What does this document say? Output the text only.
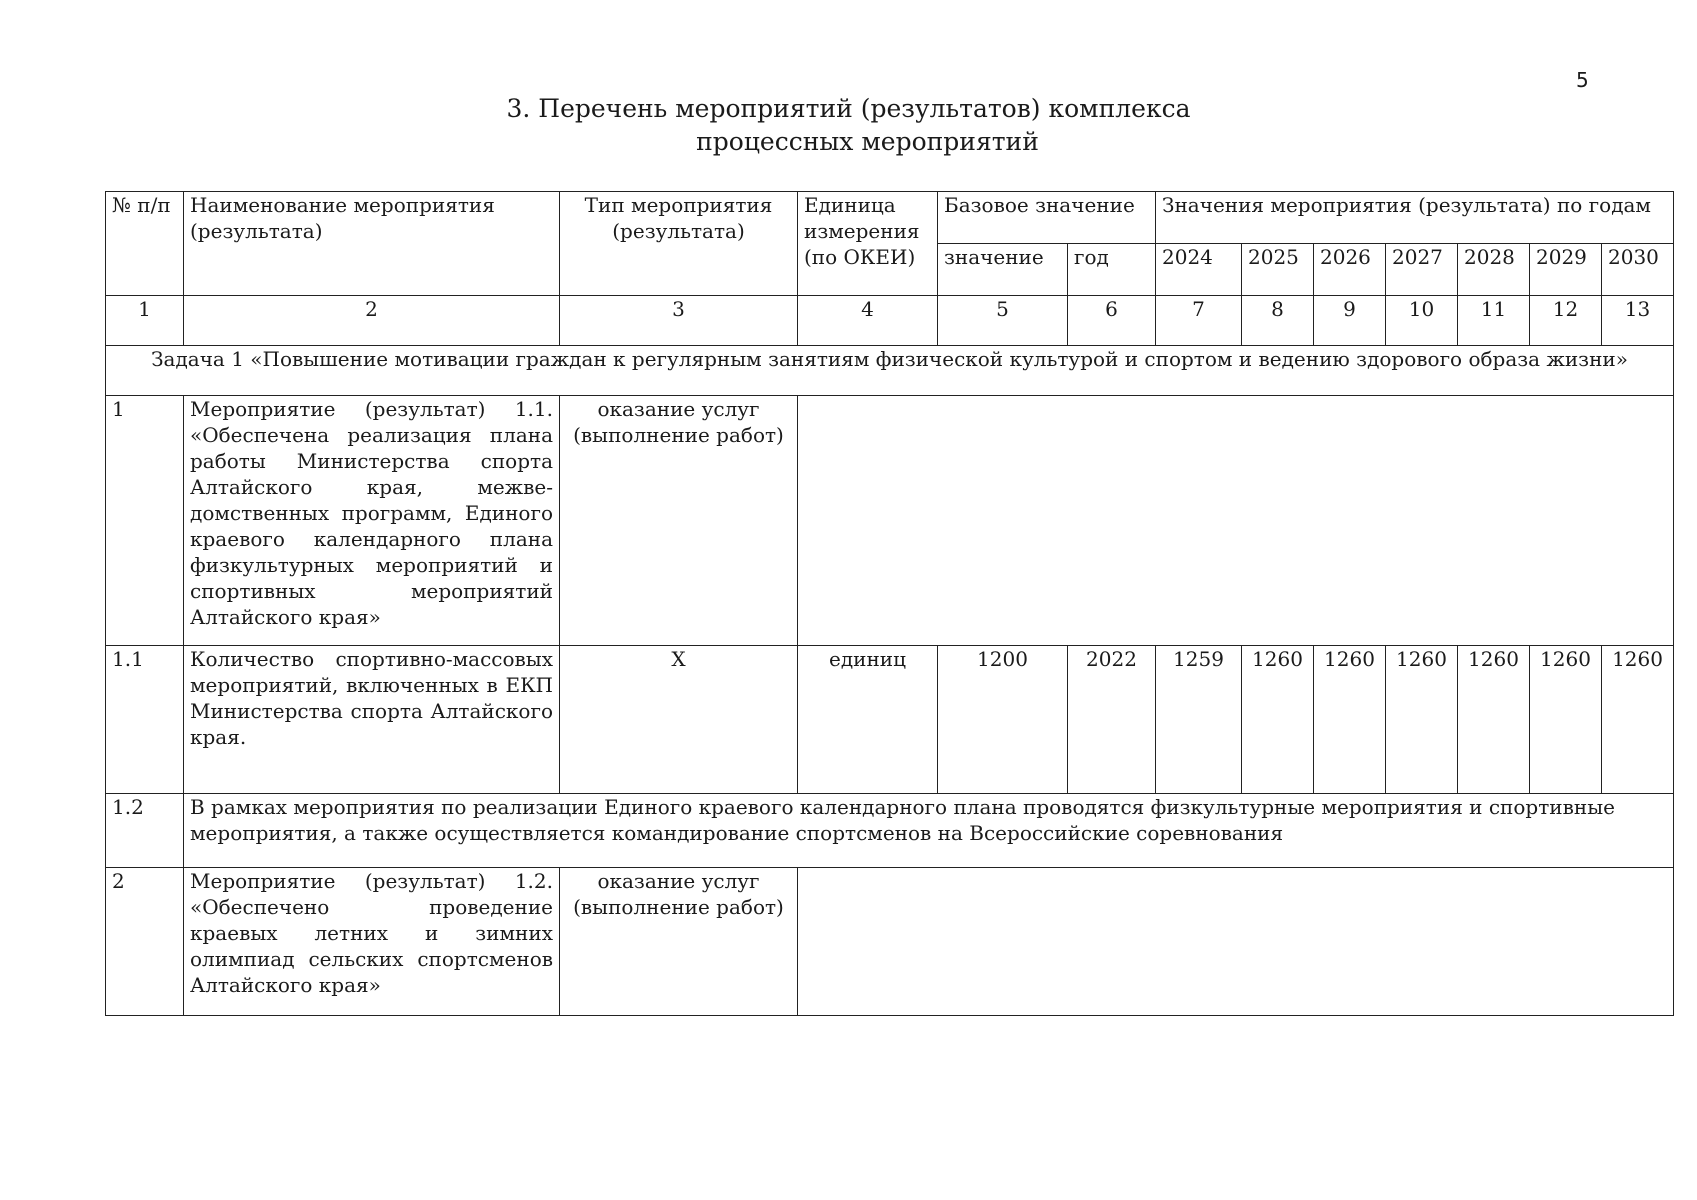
5
3. Перечень мероприятий (результатов) комплекса
процессных мероприятий
№ п/п	Наименование мероприятия (результата)	Тип мероприятия (результата)	Единица измерения (по ОКЕИ)	Базовое значение		Значения мероприятия (результата) по годам						
				значение	год	2024	2025	2026	2027	2028	2029	2030
1	2	3	4	5	6	7	8	9	10	11	12	13
Задача 1 «Повышение мотивации граждан к регулярным занятиям физической культурой и спортом и ведению здорового образа жизни»												
1	Мероприятие (результат) 1.1. «Обеспечена реализация плана работы Министерства спорта Алтайского края, межве-домственных программ, Единого краевого календарного плана физкультурных мероприятий и спортивных мероприятий Алтайского края»	оказание услуг (выполнение работ)										
1.1	Количество спортивно-массовых мероприятий, включенных в ЕКП Министерства спорта Алтайского края.	Х	единиц	1200	2022	1259	1260	1260	1260	1260	1260	1260
1.2	В рамках мероприятия по реализации Единого краевого календарного плана проводятся физкультурные мероприятия и спортивные мероприятия, а также осуществляется командирование спортсменов на Всероссийские соревнования											
2	Мероприятие (результат) 1.2. «Обеспечено проведение краевых летних и зимних олимпиад сельских спортсменов Алтайского края»	оказание услуг (выполнение работ)										
